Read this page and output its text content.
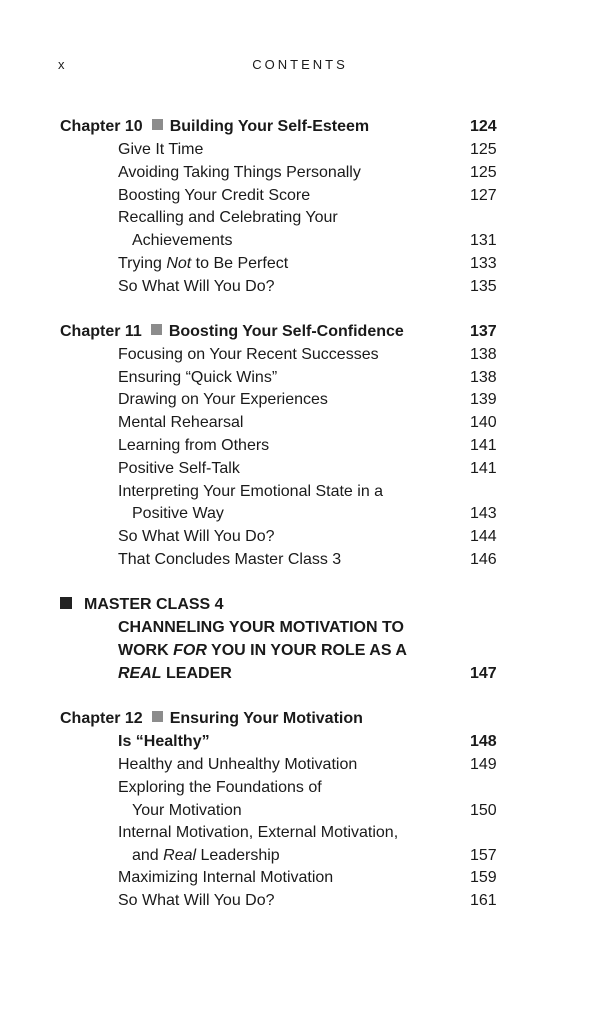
x	CONTENTS
Chapter 10 Building Your Self-Esteem	124
Give It Time	125
Avoiding Taking Things Personally	125
Boosting Your Credit Score	127
Recalling and Celebrating Your
Achievements	131
Trying Not to Be Perfect	133
So What Will You Do?	135
Chapter 11 Boosting Your Self-Confidence	137
Focusing on Your Recent Successes	138
Ensuring “Quick Wins”	138
Drawing on Your Experiences	139
Mental Rehearsal	140
Learning from Others	141
Positive Self-Talk	141
Interpreting Your Emotional State in a
Positive Way	143
So What Will You Do?	144
That Concludes Master Class 3	146
MASTER CLASS 4
CHANNELING YOUR MOTIVATION TO
WORK FOR YOU IN YOUR ROLE AS A
REAL LEADER	147
Chapter 12 Ensuring Your Motivation
Is “Healthy”	148
Healthy and Unhealthy Motivation	149
Exploring the Foundations of
Your Motivation	150
Internal Motivation, External Motivation,
and Real Leadership	157
Maximizing Internal Motivation	159
So What Will You Do?	161
